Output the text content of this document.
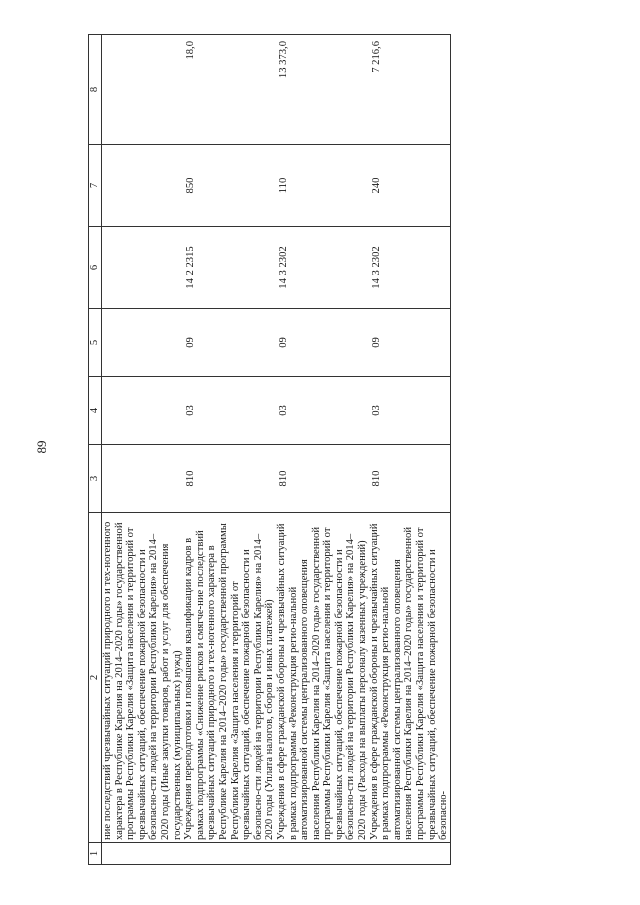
89
1	2	3	4	5	6	7	8
	ние последствий чрезвычайных ситуаций природного и тех-ногенного характера в Республике Карелия на 2014–2020 годы» государственной программы Республики Карелия «Защита населения и территорий от чрезвычайных ситуаций, обеспечение пожарной безопасности и безопасно-сти людей на территории Республики Карелия» на 2014–2020 годы (Иные закупки товаров, работ и услуг для обеспечения государственных (муниципальных) нужд)						
	Учреждения переподготовки и повышения квалификации кадров в рамках подпрограммы «Снижение рисков и смягче-ние последствий чрезвычайных ситуаций природного и тех-ногенного характера в Республике Карелия на 2014–2020 годы» государственной программы Республики Карелия «Защита населения и территорий от чрезвычайных ситуаций, обеспечение пожарной безопасности и безопасно-сти людей на территории Республики Карелия» на 2014–2020 годы (Уплата налогов, сборов и иных платежей)	810	03	09	14 2 2315	850	18,0
	Учреждения в сфере гражданской обороны и чрезвычайных ситуаций в рамках подпрограммы «Реконструкция регио-нальной автоматизированной системы централизованного оповещения населения Республики Карелия на 2014–2020 годы» государственной программы Республики Карелия «Защита населения и территорий от чрезвычайных ситуаций, обеспечение пожарной безопасности и безопасно-сти людей на территории Республики Карелия» на 2014–2020 годы (Расходы на выплаты персоналу казенных учреждений)	810	03	09	14 3 2302	110	13 373,0
	Учреждения в сфере гражданской обороны и чрезвычайных ситуаций в рамках подпрограммы «Реконструкция регио-нальной автоматизированной системы централизованного оповещения населения Республики Карелия на 2014–2020 годы» государственной программы Республики Карелия «Защита населения и территорий от чрезвычайных ситуаций, обеспечение пожарной безопасности и безопасно-	810	03	09	14 3 2302	240	7 216,6
